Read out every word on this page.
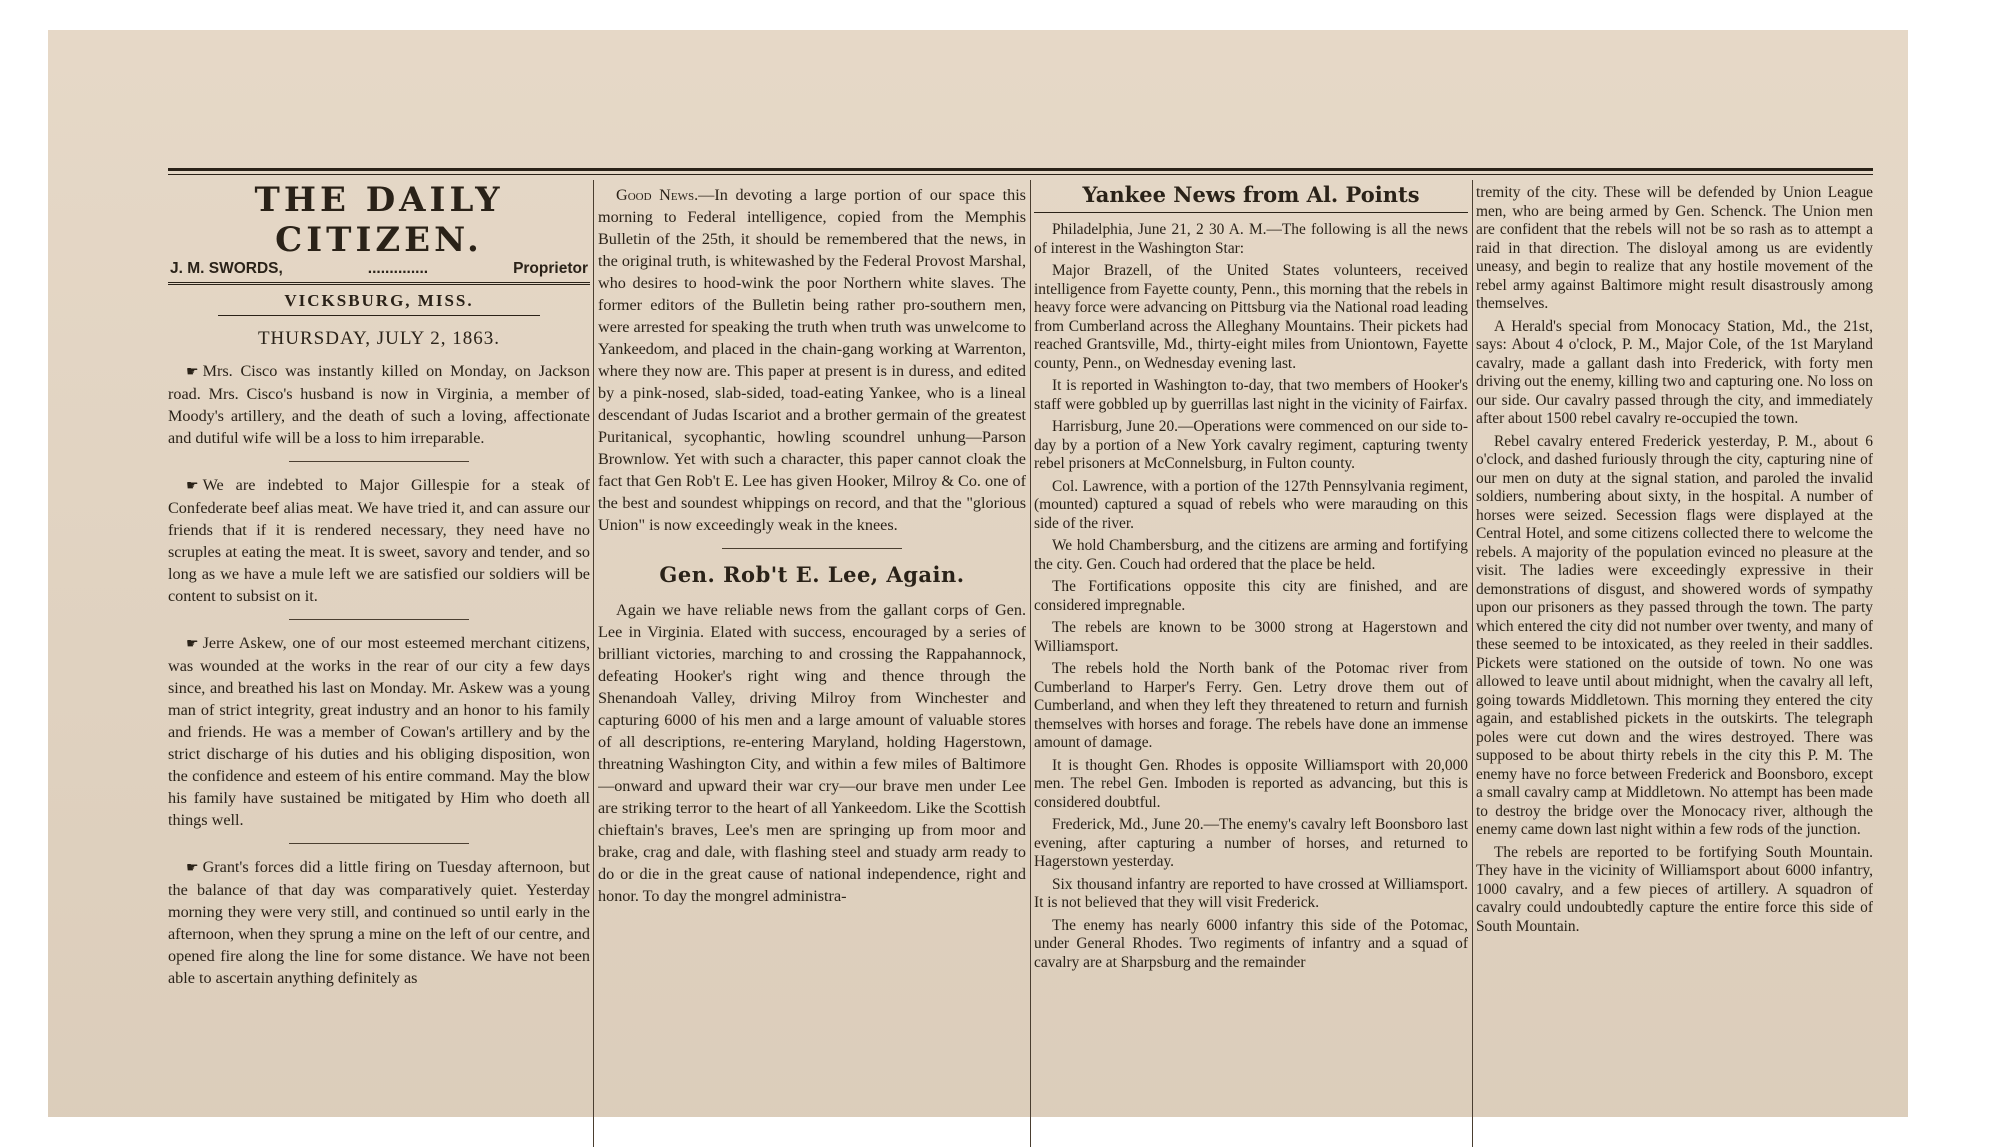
THE DAILY CITIZEN.
J. M. SWORDS,	..............	Proprietor
VICKSBURG, MISS.
THURSDAY, JULY 2, 1863.

☛ Mrs. Cisco was instantly killed on Monday, on Jackson road. Mrs. Cisco's husband is now in Virginia, a member of Moody's artillery, and the death of such a loving, affectionate and dutiful wife will be a loss to him irreparable.

☛ We are indebted to Major Gillespie for a steak of Confederate beef alias meat. We have tried it, and can assure our friends that if it is rendered necessary, they need have no scruples at eating the meat. It is sweet, savory and tender, and so long as we have a mule left we are satisfied our soldiers will be content to subsist on it.

☛ Jerre Askew, one of our most esteemed merchant citizens, was wounded at the works in the rear of our city a few days since, and breathed his last on Monday. Mr. Askew was a young man of strict integrity, great industry and an honor to his family and friends. He was a member of Cowan's artillery and by the strict discharge of his duties and his obliging disposition, won the confidence and esteem of his entire command. May the blow his family have sustained be mitigated by Him who doeth all things well.

☛ Grant's forces did a little firing on Tuesday afternoon, but the balance of that day was comparatively quiet. Yesterday morning they were very still, and continued so until early in the afternoon, when they sprung a mine on the left of our centre, and opened fire along the line for some distance. We have not been able to ascertain anything definitely as

Good News.—In devoting a large portion of our space this morning to Federal intelligence, copied from the Memphis Bulletin of the 25th, it should be remembered that the news, in the original truth, is whitewashed by the Federal Provost Marshal, who desires to hood-wink the poor Northern white slaves. The former editors of the Bulletin being rather pro-southern men, were arrested for speaking the truth when truth was unwelcome to Yankeedom, and placed in the chain-gang working at Warrenton, where they now are. This paper at present is in duress, and edited by a pink-nosed, slab-sided, toad-eating Yankee, who is a lineal descendant of Judas Iscariot and a brother germain of the greatest Puritanical, sycophantic, howling scoundrel unhung—Parson Brownlow. Yet with such a character, this paper cannot cloak the fact that Gen Rob't E. Lee has given Hooker, Milroy & Co. one of the best and soundest whippings on record, and that the "glorious Union" is now exceedingly weak in the knees.

Gen. Rob't E. Lee, Again.

Again we have reliable news from the gallant corps of Gen. Lee in Virginia. Elated with success, encouraged by a series of brilliant victories, marching to and crossing the Rappahannock, defeating Hooker's right wing and thence through the Shenandoah Valley, driving Milroy from Winchester and capturing 6000 of his men and a large amount of valuable stores of all descriptions, re-entering Maryland, holding Hagerstown, threatning Washington City, and within a few miles of Baltimore—onward and upward their war cry—our brave men under Lee are striking terror to the heart of all Yankeedom. Like the Scottish chieftain's braves, Lee's men are springing up from moor and brake, crag and dale, with flashing steel and stuady arm ready to do or die in the great cause of national independence, right and honor. To day the mongrel administra-

Yankee News from Al. Points

Philadelphia, June 21, 2 30 A. M.—The following is all the news of interest in the Washington Star:

Major Brazell, of the United States volunteers, received intelligence from Fayette county, Penn., this morning that the rebels in heavy force were advancing on Pittsburg via the National road leading from Cumberland across the Alleghany Mountains. Their pickets had reached Grantsville, Md., thirty-eight miles from Uniontown, Fayette county, Penn., on Wednesday evening last.

It is reported in Washington to-day, that two members of Hooker's staff were gobbled up by guerrillas last night in the vicinity of Fairfax.

Harrisburg, June 20.—Operations were commenced on our side to-day by a portion of a New York cavalry regiment, capturing twenty rebel prisoners at McConnelsburg, in Fulton county.

Col. Lawrence, with a portion of the 127th Pennsylvania regiment, (mounted) captured a squad of rebels who were marauding on this side of the river.

We hold Chambersburg, and the citizens are arming and fortifying the city. Gen. Couch had ordered that the place be held.

The Fortifications opposite this city are finished, and are considered impregnable.

The rebels are known to be 3000 strong at Hagerstown and Williamsport.

The rebels hold the North bank of the Potomac river from Cumberland to Harper's Ferry. Gen. Letry drove them out of Cumberland, and when they left they threatened to return and furnish themselves with horses and forage. The rebels have done an immense amount of damage.

It is thought Gen. Rhodes is opposite Williamsport with 20,000 men. The rebel Gen. Imboden is reported as advancing, but this is considered doubtful.

Frederick, Md., June 20.—The enemy's cavalry left Boonsboro last evening, after capturing a number of horses, and returned to Hagerstown yesterday.

Six thousand infantry are reported to have crossed at Williamsport. It is not believed that they will visit Frederick.

The enemy has nearly 6000 infantry this side of the Potomac, under General Rhodes. Two regiments of infantry and a squad of cavalry are at Sharpsburg and the remainder

tremity of the city. These will be defended by Union League men, who are being armed by Gen. Schenck. The Union men are confident that the rebels will not be so rash as to attempt a raid in that direction. The disloyal among us are evidently uneasy, and begin to realize that any hostile movement of the rebel army against Baltimore might result disastrously among themselves.

A Herald's special from Monocacy Station, Md., the 21st, says: About 4 o'clock, P. M., Major Cole, of the 1st Maryland cavalry, made a gallant dash into Frederick, with forty men driving out the enemy, killing two and capturing one. No loss on our side. Our cavalry passed through the city, and immediately after about 1500 rebel cavalry re-occupied the town.

Rebel cavalry entered Frederick yesterday, P. M., about 6 o'clock, and dashed furiously through the city, capturing nine of our men on duty at the signal station, and paroled the invalid soldiers, numbering about sixty, in the hospital. A number of horses were seized. Secession flags were displayed at the Central Hotel, and some citizens collected there to welcome the rebels. A majority of the population evinced no pleasure at the visit. The ladies were exceedingly expressive in their demonstrations of disgust, and showered words of sympathy upon our prisoners as they passed through the town. The party which entered the city did not number over twenty, and many of these seemed to be intoxicated, as they reeled in their saddles. Pickets were stationed on the outside of town. No one was allowed to leave until about midnight, when the cavalry all left, going towards Middletown. This morning they entered the city again, and established pickets in the outskirts. The telegraph poles were cut down and the wires destroyed. There was supposed to be about thirty rebels in the city this P. M. The enemy have no force between Frederick and Boonsboro, except a small cavalry camp at Middletown. No attempt has been made to destroy the bridge over the Monocacy river, although the enemy came down last night within a few rods of the junction.

The rebels are reported to be fortifying South Mountain. They have in the vicinity of Williamsport about 6000 infantry, 1000 cavalry, and a few pieces of artillery. A squadron of cavalry could undoubtedly capture the entire force this side of South Mountain.
